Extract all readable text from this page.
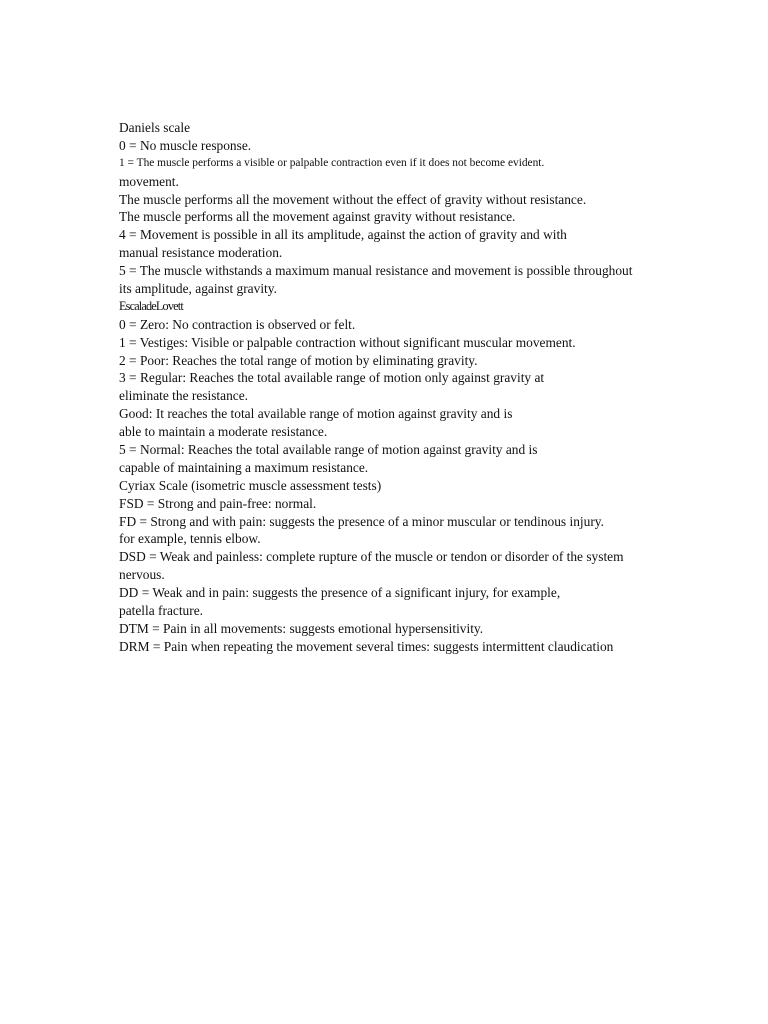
Daniels scale
0 = No muscle response.
1 = The muscle performs a visible or palpable contraction even if it does not become evident.
movement.
The muscle performs all the movement without the effect of gravity without resistance.
The muscle performs all the movement against gravity without resistance.
4 = Movement is possible in all its amplitude, against the action of gravity and with
manual resistance moderation.
5 = The muscle withstands a maximum manual resistance and movement is possible throughout
its amplitude, against gravity.
EscaladeLovett
0 = Zero: No contraction is observed or felt.
1 = Vestiges: Visible or palpable contraction without significant muscular movement.
2 = Poor: Reaches the total range of motion by eliminating gravity.
3 = Regular: Reaches the total available range of motion only against gravity at
eliminate the resistance.
Good: It reaches the total available range of motion against gravity and is
able to maintain a moderate resistance.
5 = Normal: Reaches the total available range of motion against gravity and is
capable of maintaining a maximum resistance.
Cyriax Scale (isometric muscle assessment tests)
FSD = Strong and pain-free: normal.
FD = Strong and with pain: suggests the presence of a minor muscular or tendinous injury.
for example, tennis elbow.
DSD = Weak and painless: complete rupture of the muscle or tendon or disorder of the system
nervous.
DD = Weak and in pain: suggests the presence of a significant injury, for example,
patella fracture.
DTM = Pain in all movements: suggests emotional hypersensitivity.
DRM = Pain when repeating the movement several times: suggests intermittent claudication
